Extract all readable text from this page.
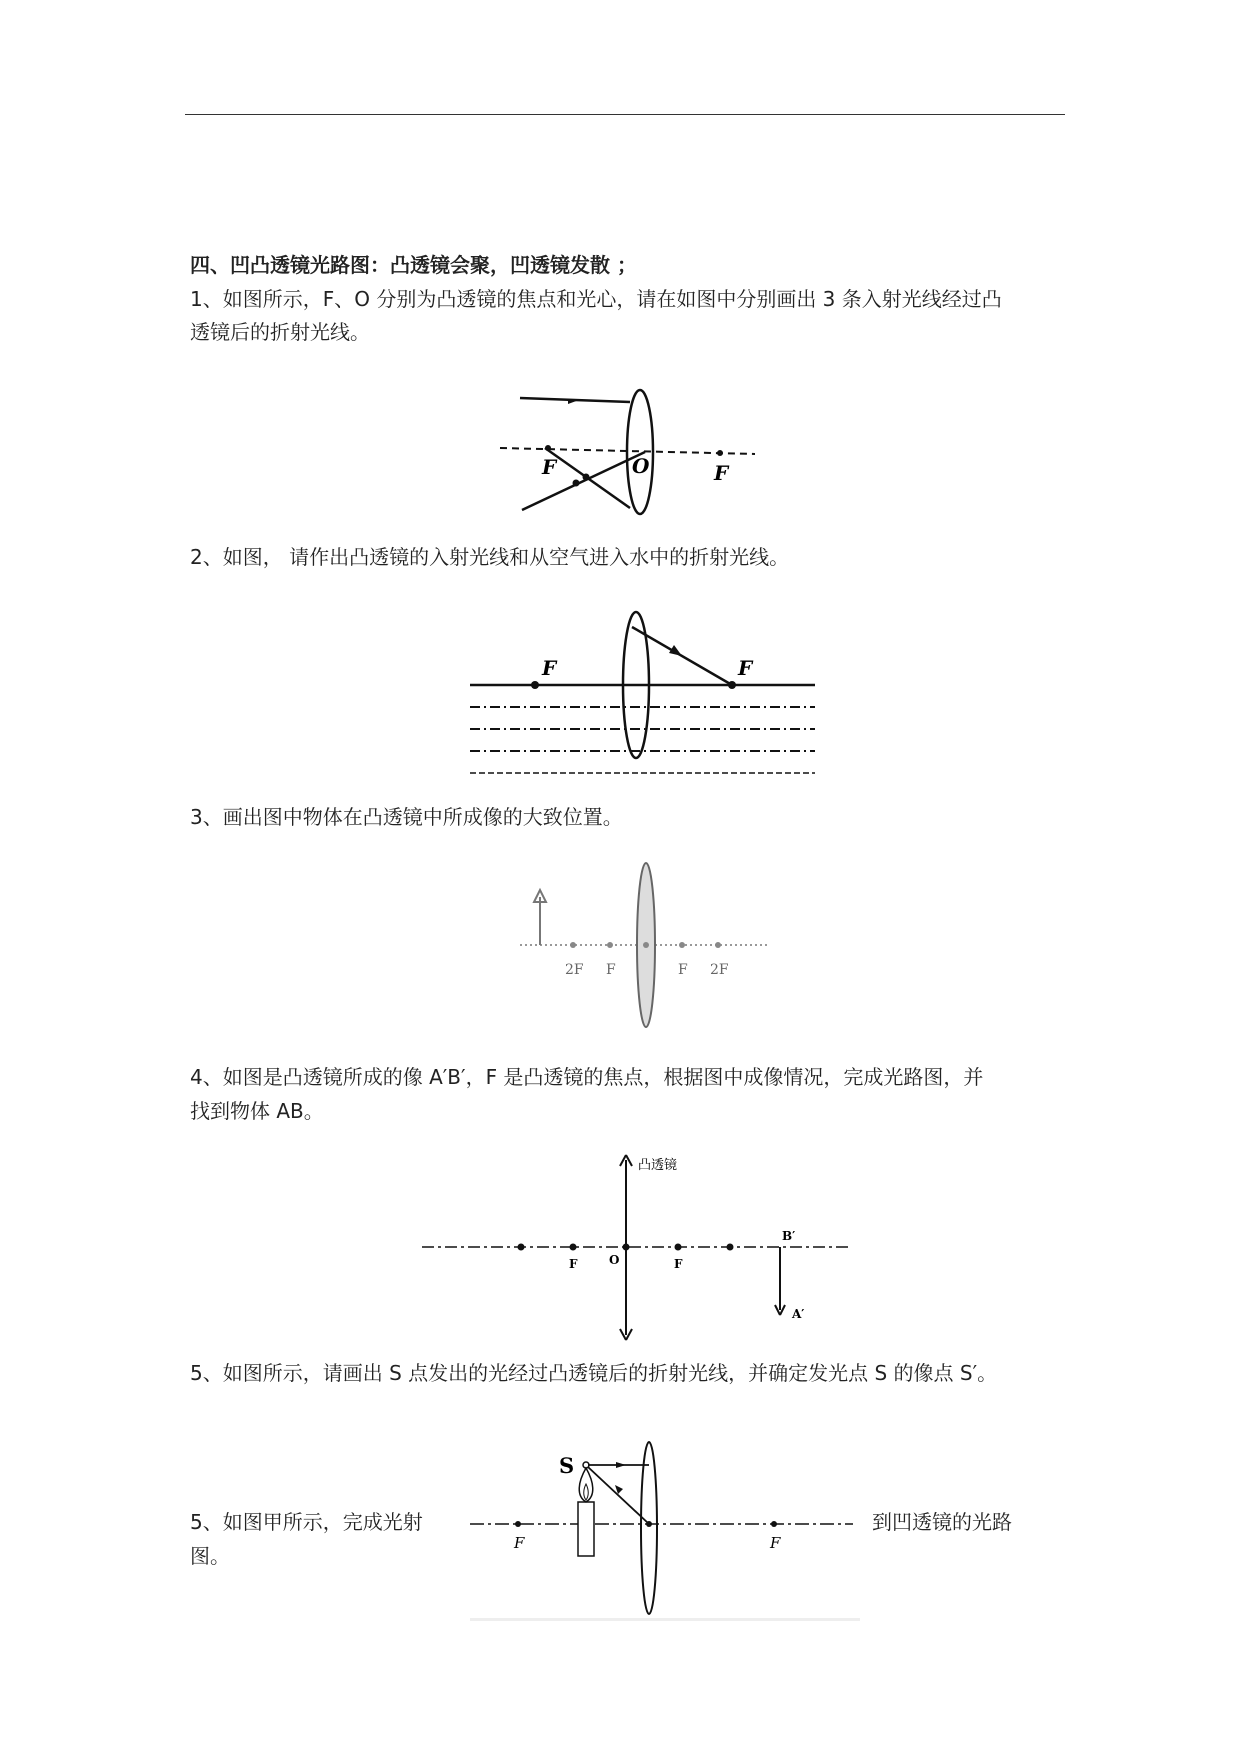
四、凹凸透镜光路图：凸透镜会聚，凹透镜发散 ；
1、如图所示，F、O 分别为凸透镜的焦点和光心，请在如图中分别画出 3 条入射光线经过凸
透镜后的折射光线。
F	O	F
2、如图， 请作出凸透镜的入射光线和从空气进入水中的折射光线。
F	F
3、画出图中物体在凸透镜中所成像的大致位置。
2F F	F 2F
4、如图是凸透镜所成的像 A′B′，F 是凸透镜的焦点，根据图中成像情况，完成光路图，并
找到物体 AB。
凸透镜
F	O	F
B′
A′
5、如图所示，请画出 S 点发出的光经过凸透镜后的折射光线，并确定发光点 S 的像点 S′。
S
F	F
5、如图甲所示，完成光射
图。
到凹透镜的光路
